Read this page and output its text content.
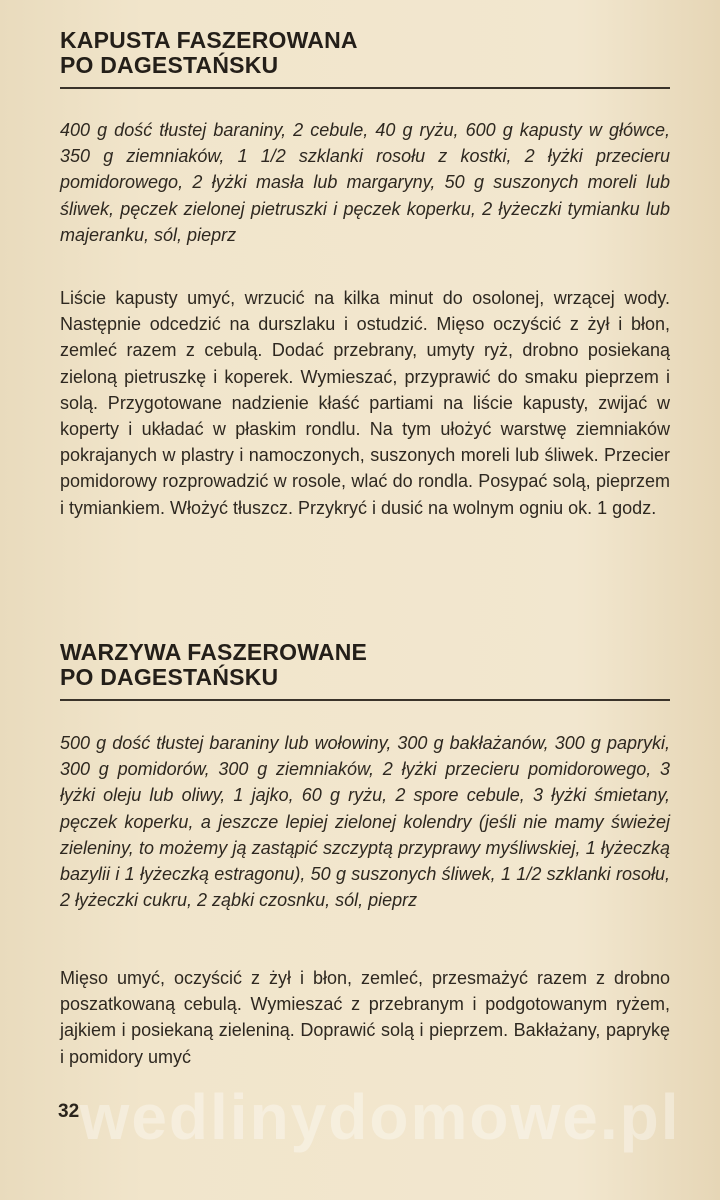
KAPUSTA FASZEROWANA
PO DAGESTAŃSKU

400 g dość tłustej baraniny, 2 cebule, 40 g ryżu, 600 g kapusty w główce, 350 g ziemniaków, 1 1/2 szklanki rosołu z kostki, 2 łyżki przecieru pomidorowego, 2 łyżki masła lub margaryny, 50 g suszonych moreli lub śliwek, pęczek zielonej pietruszki i pęczek koperku, 2 łyżeczki tymianku lub majeranku, sól, pieprz

Liście kapusty umyć, wrzucić na kilka minut do osolonej, wrzącej wody. Następnie odcedzić na durszlaku i ostudzić. Mięso oczyścić z żył i błon, zemleć razem z cebulą. Dodać przebrany, umyty ryż, drobno posiekaną zieloną pietruszkę i koperek. Wymieszać, przyprawić do smaku pieprzem i solą. Przygotowane nadzienie kłaść partiami na liście kapusty, zwijać w koperty i układać w płaskim rondlu. Na tym ułożyć warstwę ziemniaków pokrajanych w plastry i namoczonych, suszonych moreli lub śliwek. Przecier pomidorowy rozprowadzić w rosole, wlać do rondla. Posypać solą, pieprzem i tymiankiem. Włożyć tłuszcz. Przykryć i dusić na wolnym ogniu ok. 1 godz.

WARZYWA FASZEROWANE
PO DAGESTAŃSKU

500 g dość tłustej baraniny lub wołowiny, 300 g bakłażanów, 300 g papryki, 300 g pomidorów, 300 g ziemniaków, 2 łyżki przecieru pomidorowego, 3 łyżki oleju lub oliwy, 1 jajko, 60 g ryżu, 2 spore cebule, 3 łyżki śmietany, pęczek koperku, a jeszcze lepiej zielonej kolendry (jeśli nie mamy świeżej zieleniny, to możemy ją zastąpić szczyptą przyprawy myśliwskiej, 1 łyżeczką bazylii i 1 łyżeczką estragonu), 50 g suszonych śliwek, 1 1/2 szklanki rosołu, 2 łyżeczki cukru, 2 ząbki czosnku, sól, pieprz

Mięso umyć, oczyścić z żył i błon, zemleć, przesmażyć razem z drobno poszatkowaną cebulą. Wymieszać z przebranym i podgotowanym ryżem, jajkiem i posiekaną zieleniną. Doprawić solą i pieprzem. Bakłażany, paprykę i pomidory umyć

wedlinydomowe.pl
32
